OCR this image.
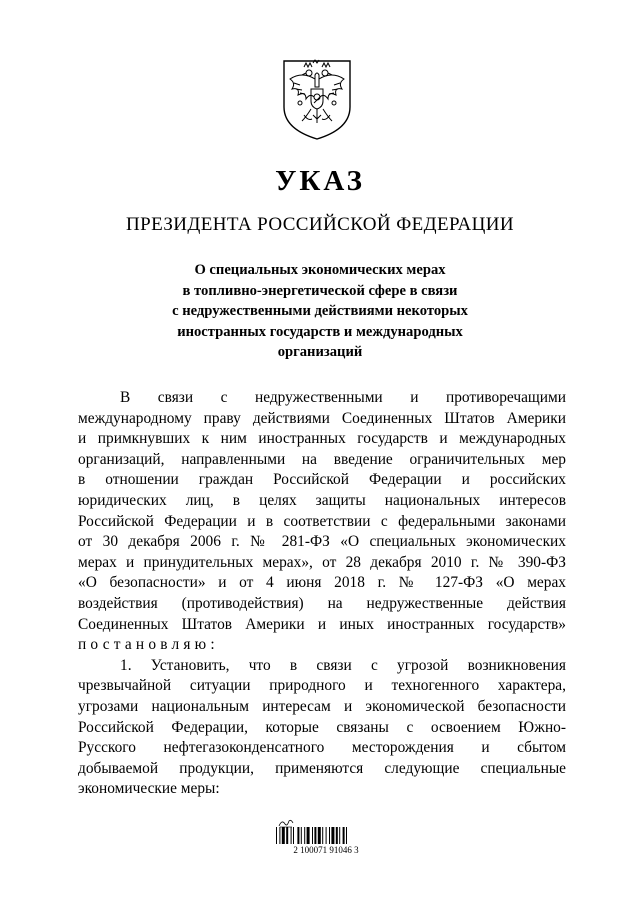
УКАЗ
ПРЕЗИДЕНТА РОССИЙСКОЙ ФЕДЕРАЦИИ
О специальных экономических мерах
в топливно-энергетической сфере в связи
с недружественными действиями некоторых
иностранных государств и международных
организаций
В связи с недружественными и противоречащими
международному праву действиями Соединенных Штатов Америки
и примкнувших к ним иностранных государств и международных
организаций, направленными на введение ограничительных мер
в отношении граждан Российской Федерации и российских
юридических лиц, в целях защиты национальных интересов
Российской Федерации и в соответствии с федеральными законами
от 30 декабря 2006 г. № 281-ФЗ «О специальных экономических
мерах и принудительных мерах», от 28 декабря 2010 г. № 390-ФЗ
«О безопасности» и от 4 июня 2018 г. № 127-ФЗ «О мерах
воздействия (противодействия) на недружественные действия
Соединенных Штатов Америки и иных иностранных государств»
постановляю:
1. Установить, что в связи с угрозой возникновения
чрезвычайной ситуации природного и техногенного характера,
угрозами национальным интересам и экономической безопасности
Российской Федерации, которые связаны с освоением Южно-
Русского нефтегазоконденсатного месторождения и сбытом
добываемой продукции, применяются следующие специальные
экономические меры:
2 100071 91046 3
